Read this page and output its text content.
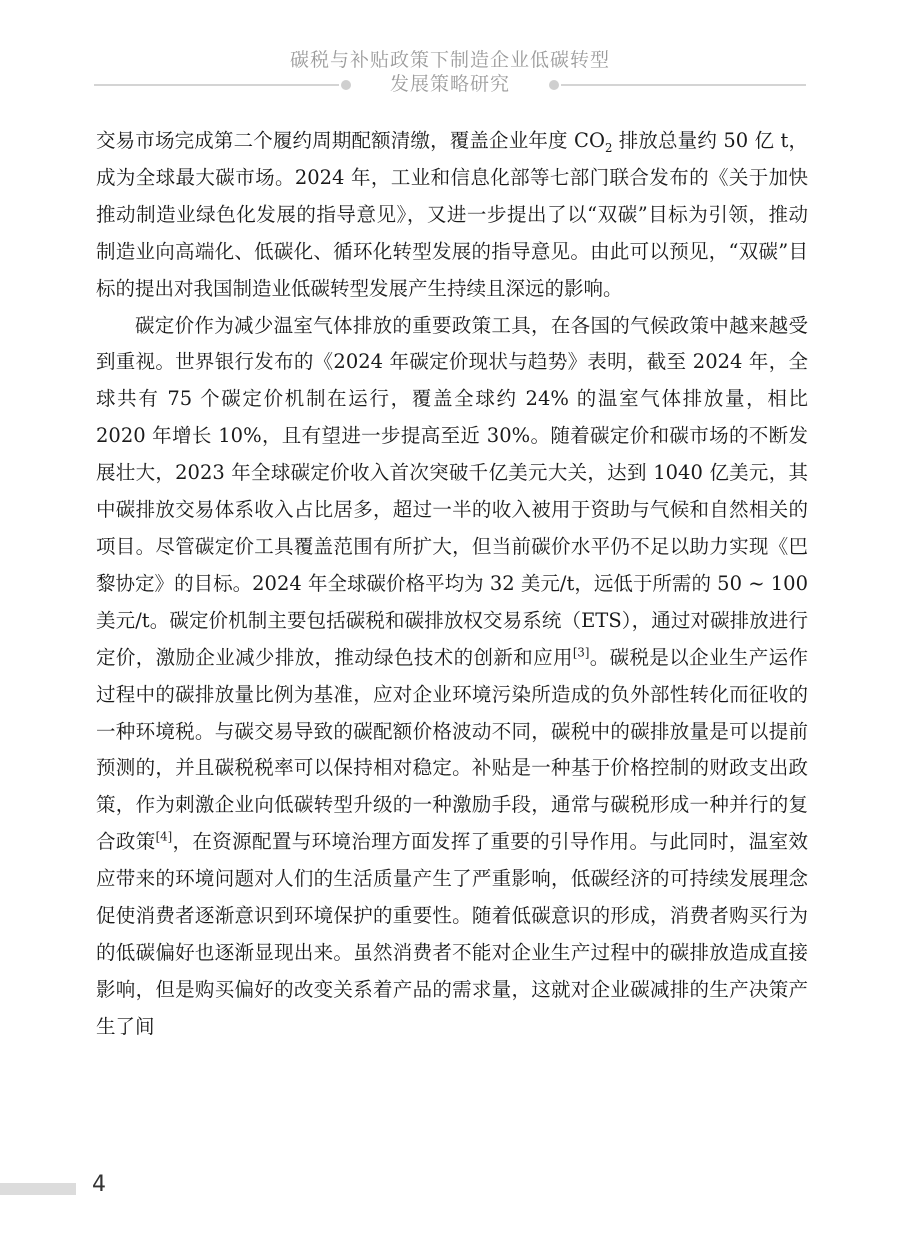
碳税与补贴政策下制造企业低碳转型
发展策略研究

交易市场完成第二个履约周期配额清缴，覆盖企业年度 $CO_2$ 排放总量约 50 亿 t，成为全球最大碳市场。2024 年，工业和信息化部等七部门联合发布的《关于加快推动制造业绿色化发展的指导意见》，又进一步提出了以“双碳”目标为引领，推动制造业向高端化、低碳化、循环化转型发展的指导意见。由此可以预见，“双碳”目标的提出对我国制造业低碳转型发展产生持续且深远的影响。

碳定价作为减少温室气体排放的重要政策工具，在各国的气候政策中越来越受到重视。世界银行发布的《2024 年碳定价现状与趋势》表明，截至 2024 年，全球共有 75 个碳定价机制在运行，覆盖全球约 24% 的温室气体排放量，相比 2020 年增长 10%，且有望进一步提高至近 30%。随着碳定价和碳市场的不断发展壮大，2023 年全球碳定价收入首次突破千亿美元大关，达到 1040 亿美元，其中碳排放交易体系收入占比居多，超过一半的收入被用于资助与气候和自然相关的项目。尽管碳定价工具覆盖范围有所扩大，但当前碳价水平仍不足以助力实现《巴黎协定》的目标。2024 年全球碳价格平均为 32 美元/t，远低于所需的 50 ~ 100 美元/t。碳定价机制主要包括碳税和碳排放权交易系统（ETS），通过对碳排放进行定价，激励企业减少排放，推动绿色技术的创新和应用[3]。碳税是以企业生产运作过程中的碳排放量比例为基准，应对企业环境污染所造成的负外部性转化而征收的一种环境税。与碳交易导致的碳配额价格波动不同，碳税中的碳排放量是可以提前预测的，并且碳税税率可以保持相对稳定。补贴是一种基于价格控制的财政支出政策，作为刺激企业向低碳转型升级的一种激励手段，通常与碳税形成一种并行的复合政策[4]，在资源配置与环境治理方面发挥了重要的引导作用。与此同时，温室效应带来的环境问题对人们的生活质量产生了严重影响，低碳经济的可持续发展理念促使消费者逐渐意识到环境保护的重要性。随着低碳意识的形成，消费者购买行为的低碳偏好也逐渐显现出来。虽然消费者不能对企业生产过程中的碳排放造成直接影响，但是购买偏好的改变关系着产品的需求量，这就对企业碳减排的生产决策产生了间

4
